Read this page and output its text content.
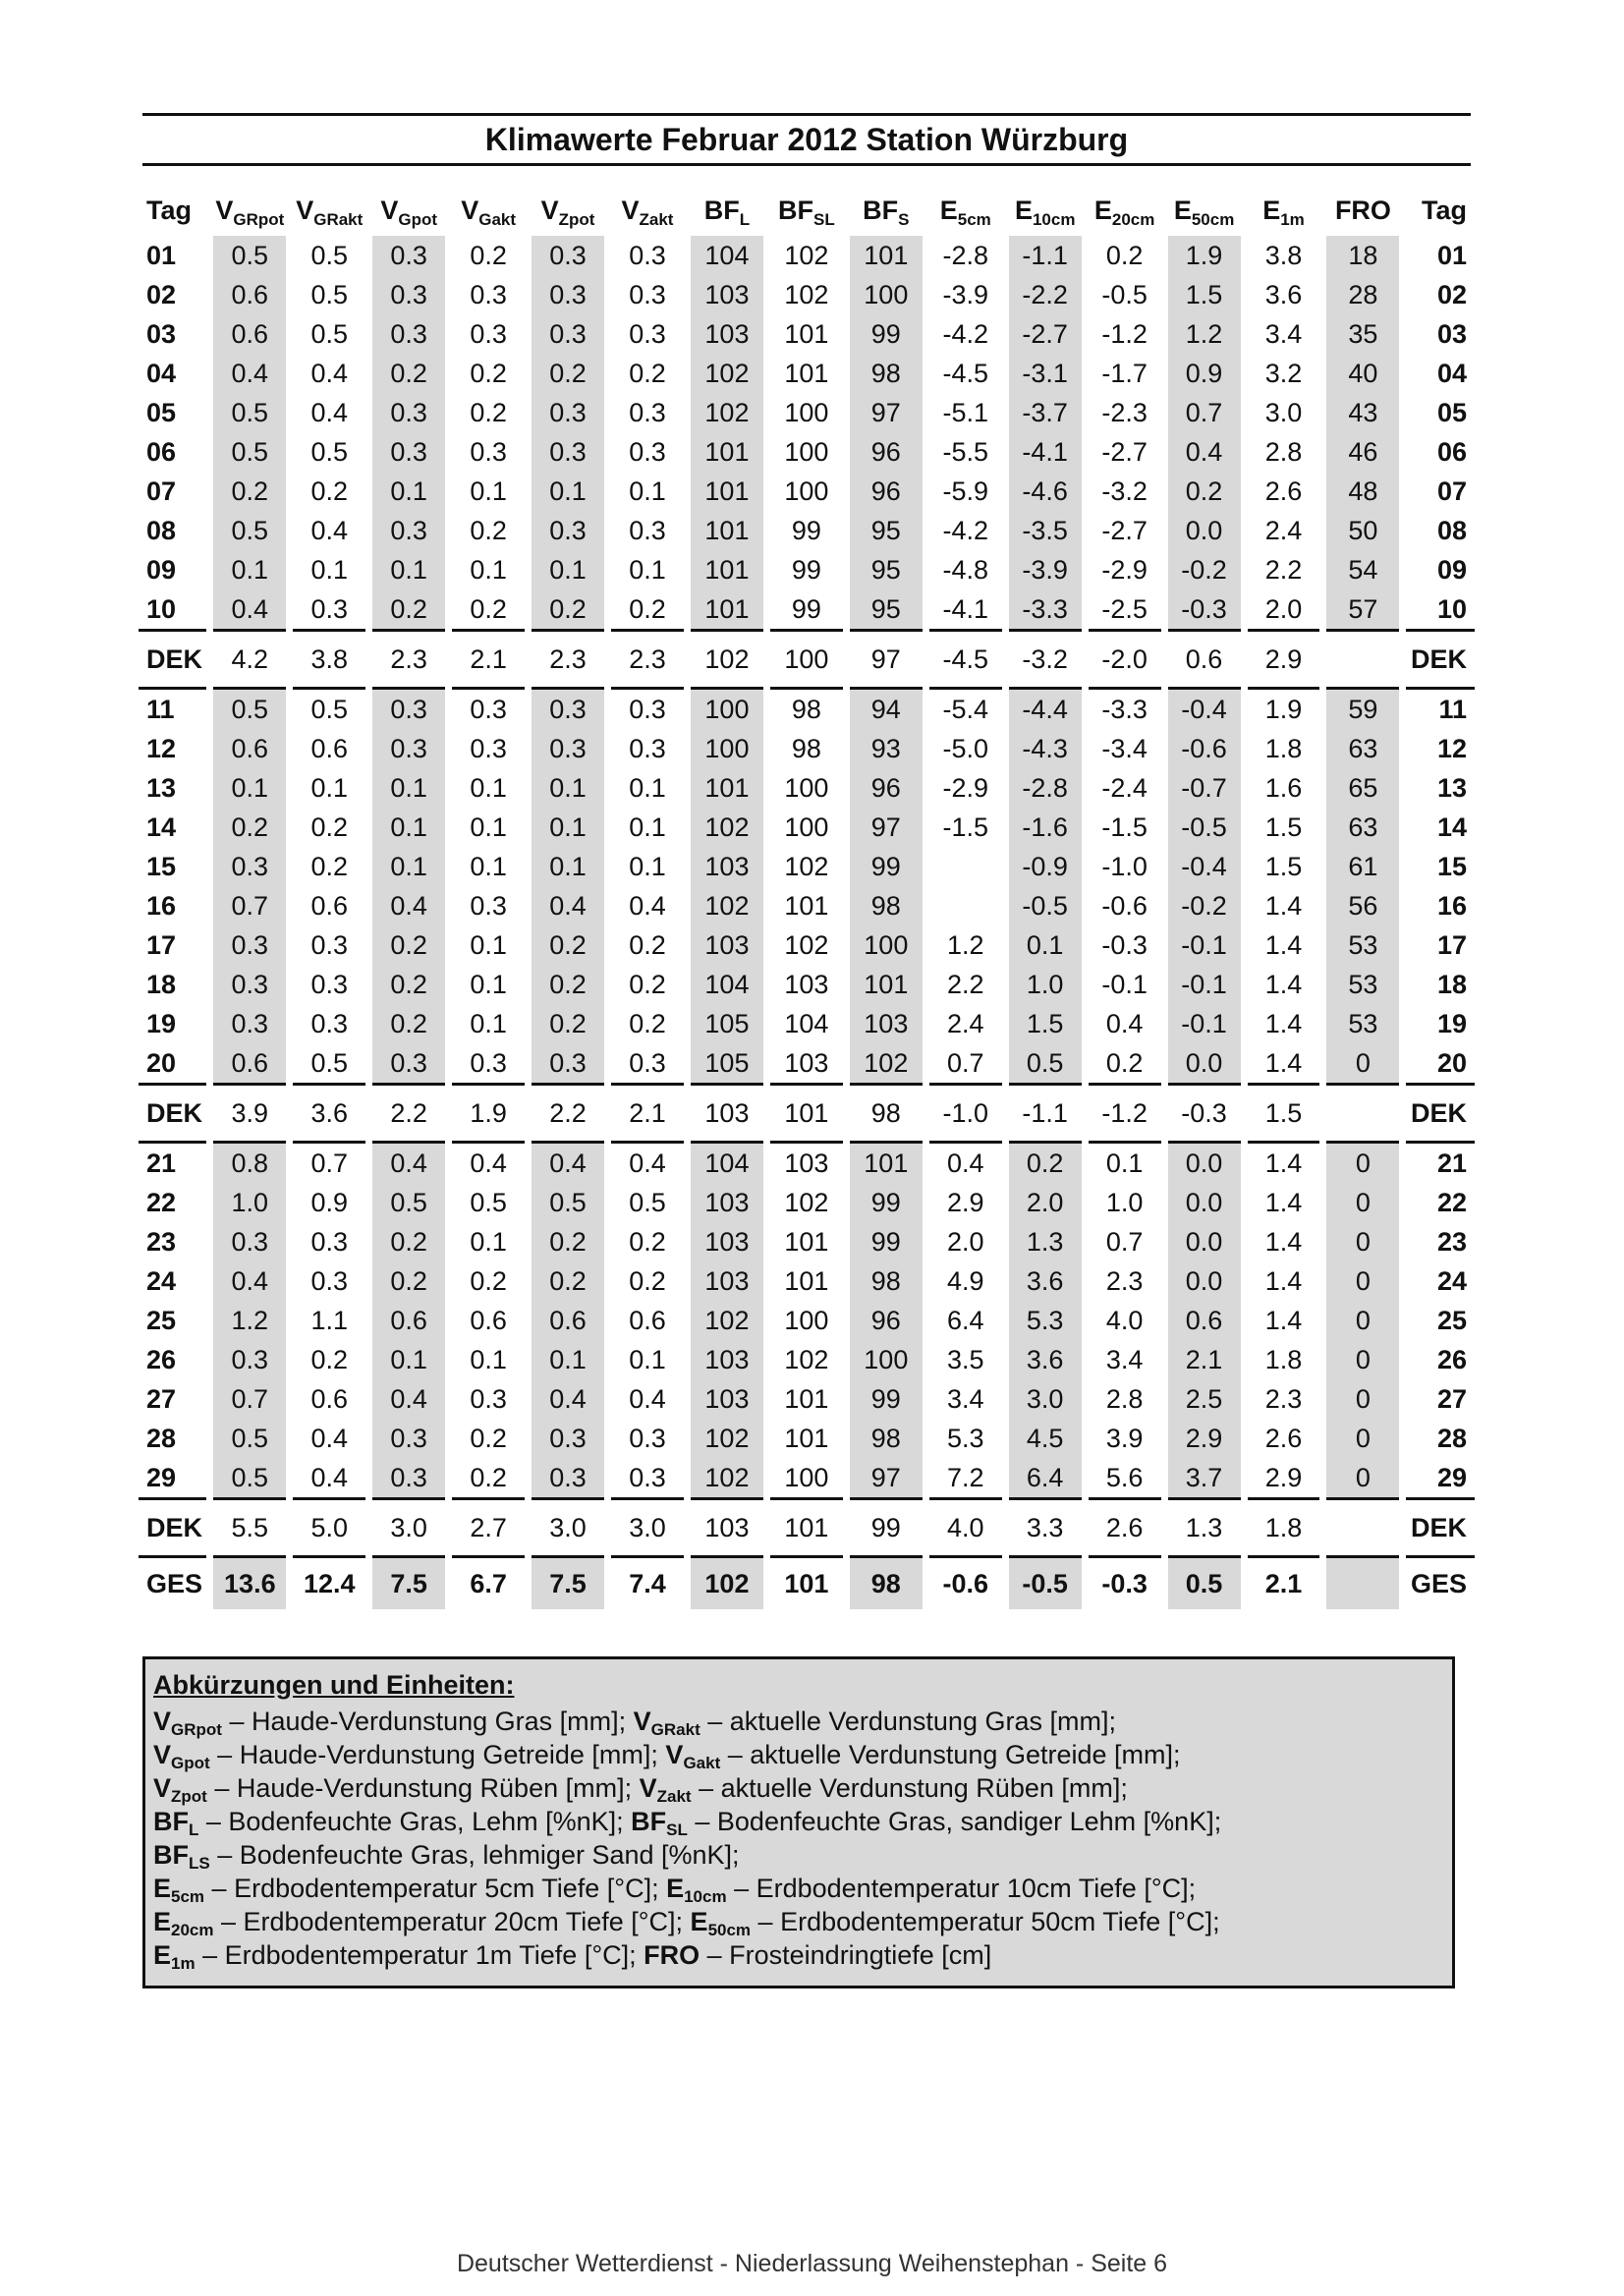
Klimawerte Februar 2012 Station Würzburg
Tag	$V_{GRpot}$	$V_{GRakt}$	$V_{Gpot}$	$V_{Gakt}$	$V_{Zpot}$	$V_{Zakt}$	$BF_L$	$BF_{SL}$	$BF_S$	$E_{5cm}$	$E_{10cm}$	$E_{20cm}$	$E_{50cm}$	$E_{1m}$	FRO	Tag
01	0.5	0.5	0.3	0.2	0.3	0.3	104	102	101	-2.8	-1.1	0.2	1.9	3.8	18	01
02	0.6	0.5	0.3	0.3	0.3	0.3	103	102	100	-3.9	-2.2	-0.5	1.5	3.6	28	02
03	0.6	0.5	0.3	0.3	0.3	0.3	103	101	99	-4.2	-2.7	-1.2	1.2	3.4	35	03
04	0.4	0.4	0.2	0.2	0.2	0.2	102	101	98	-4.5	-3.1	-1.7	0.9	3.2	40	04
05	0.5	0.4	0.3	0.2	0.3	0.3	102	100	97	-5.1	-3.7	-2.3	0.7	3.0	43	05
06	0.5	0.5	0.3	0.3	0.3	0.3	101	100	96	-5.5	-4.1	-2.7	0.4	2.8	46	06
07	0.2	0.2	0.1	0.1	0.1	0.1	101	100	96	-5.9	-4.6	-3.2	0.2	2.6	48	07
08	0.5	0.4	0.3	0.2	0.3	0.3	101	99	95	-4.2	-3.5	-2.7	0.0	2.4	50	08
09	0.1	0.1	0.1	0.1	0.1	0.1	101	99	95	-4.8	-3.9	-2.9	-0.2	2.2	54	09
10	0.4	0.3	0.2	0.2	0.2	0.2	101	99	95	-4.1	-3.3	-2.5	-0.3	2.0	57	10
DEK	4.2	3.8	2.3	2.1	2.3	2.3	102	100	97	-4.5	-3.2	-2.0	0.6	2.9		DEK
11	0.5	0.5	0.3	0.3	0.3	0.3	100	98	94	-5.4	-4.4	-3.3	-0.4	1.9	59	11
12	0.6	0.6	0.3	0.3	0.3	0.3	100	98	93	-5.0	-4.3	-3.4	-0.6	1.8	63	12
13	0.1	0.1	0.1	0.1	0.1	0.1	101	100	96	-2.9	-2.8	-2.4	-0.7	1.6	65	13
14	0.2	0.2	0.1	0.1	0.1	0.1	102	100	97	-1.5	-1.6	-1.5	-0.5	1.5	63	14
15	0.3	0.2	0.1	0.1	0.1	0.1	103	102	99		-0.9	-1.0	-0.4	1.5	61	15
16	0.7	0.6	0.4	0.3	0.4	0.4	102	101	98		-0.5	-0.6	-0.2	1.4	56	16
17	0.3	0.3	0.2	0.1	0.2	0.2	103	102	100	1.2	0.1	-0.3	-0.1	1.4	53	17
18	0.3	0.3	0.2	0.1	0.2	0.2	104	103	101	2.2	1.0	-0.1	-0.1	1.4	53	18
19	0.3	0.3	0.2	0.1	0.2	0.2	105	104	103	2.4	1.5	0.4	-0.1	1.4	53	19
20	0.6	0.5	0.3	0.3	0.3	0.3	105	103	102	0.7	0.5	0.2	0.0	1.4	0	20
DEK	3.9	3.6	2.2	1.9	2.2	2.1	103	101	98	-1.0	-1.1	-1.2	-0.3	1.5		DEK
21	0.8	0.7	0.4	0.4	0.4	0.4	104	103	101	0.4	0.2	0.1	0.0	1.4	0	21
22	1.0	0.9	0.5	0.5	0.5	0.5	103	102	99	2.9	2.0	1.0	0.0	1.4	0	22
23	0.3	0.3	0.2	0.1	0.2	0.2	103	101	99	2.0	1.3	0.7	0.0	1.4	0	23
24	0.4	0.3	0.2	0.2	0.2	0.2	103	101	98	4.9	3.6	2.3	0.0	1.4	0	24
25	1.2	1.1	0.6	0.6	0.6	0.6	102	100	96	6.4	5.3	4.0	0.6	1.4	0	25
26	0.3	0.2	0.1	0.1	0.1	0.1	103	102	100	3.5	3.6	3.4	2.1	1.8	0	26
27	0.7	0.6	0.4	0.3	0.4	0.4	103	101	99	3.4	3.0	2.8	2.5	2.3	0	27
28	0.5	0.4	0.3	0.2	0.3	0.3	102	101	98	5.3	4.5	3.9	2.9	2.6	0	28
29	0.5	0.4	0.3	0.2	0.3	0.3	102	100	97	7.2	6.4	5.6	3.7	2.9	0	29
DEK	5.5	5.0	3.0	2.7	3.0	3.0	103	101	99	4.0	3.3	2.6	1.3	1.8		DEK
GES	13.6	12.4	7.5	6.7	7.5	7.4	102	101	98	-0.6	-0.5	-0.3	0.5	2.1		GES
Abkürzungen und Einheiten:
$V_{GRpot}$ – Haude-Verdunstung Gras [mm]; $V_{GRakt}$ – aktuelle Verdunstung Gras [mm];
$V_{Gpot}$ – Haude-Verdunstung Getreide [mm]; $V_{Gakt}$ – aktuelle Verdunstung Getreide [mm];
$V_{Zpot}$ – Haude-Verdunstung Rüben [mm]; $V_{Zakt}$ – aktuelle Verdunstung Rüben [mm];
$BF_L$ – Bodenfeuchte Gras, Lehm [%nK]; $BF_{SL}$ – Bodenfeuchte Gras, sandiger Lehm [%nK];
$BF_{LS}$ – Bodenfeuchte Gras, lehmiger Sand [%nK];
$E_{5cm}$ – Erdbodentemperatur 5cm Tiefe [°C]; $E_{10cm}$ – Erdbodentemperatur 10cm Tiefe [°C];
$E_{20cm}$ – Erdbodentemperatur 20cm Tiefe [°C]; $E_{50cm}$ – Erdbodentemperatur 50cm Tiefe [°C];
$E_{1m}$ – Erdbodentemperatur 1m Tiefe [°C]; FRO – Frosteindringtiefe [cm]
Deutscher Wetterdienst - Niederlassung Weihenstephan - Seite 6
